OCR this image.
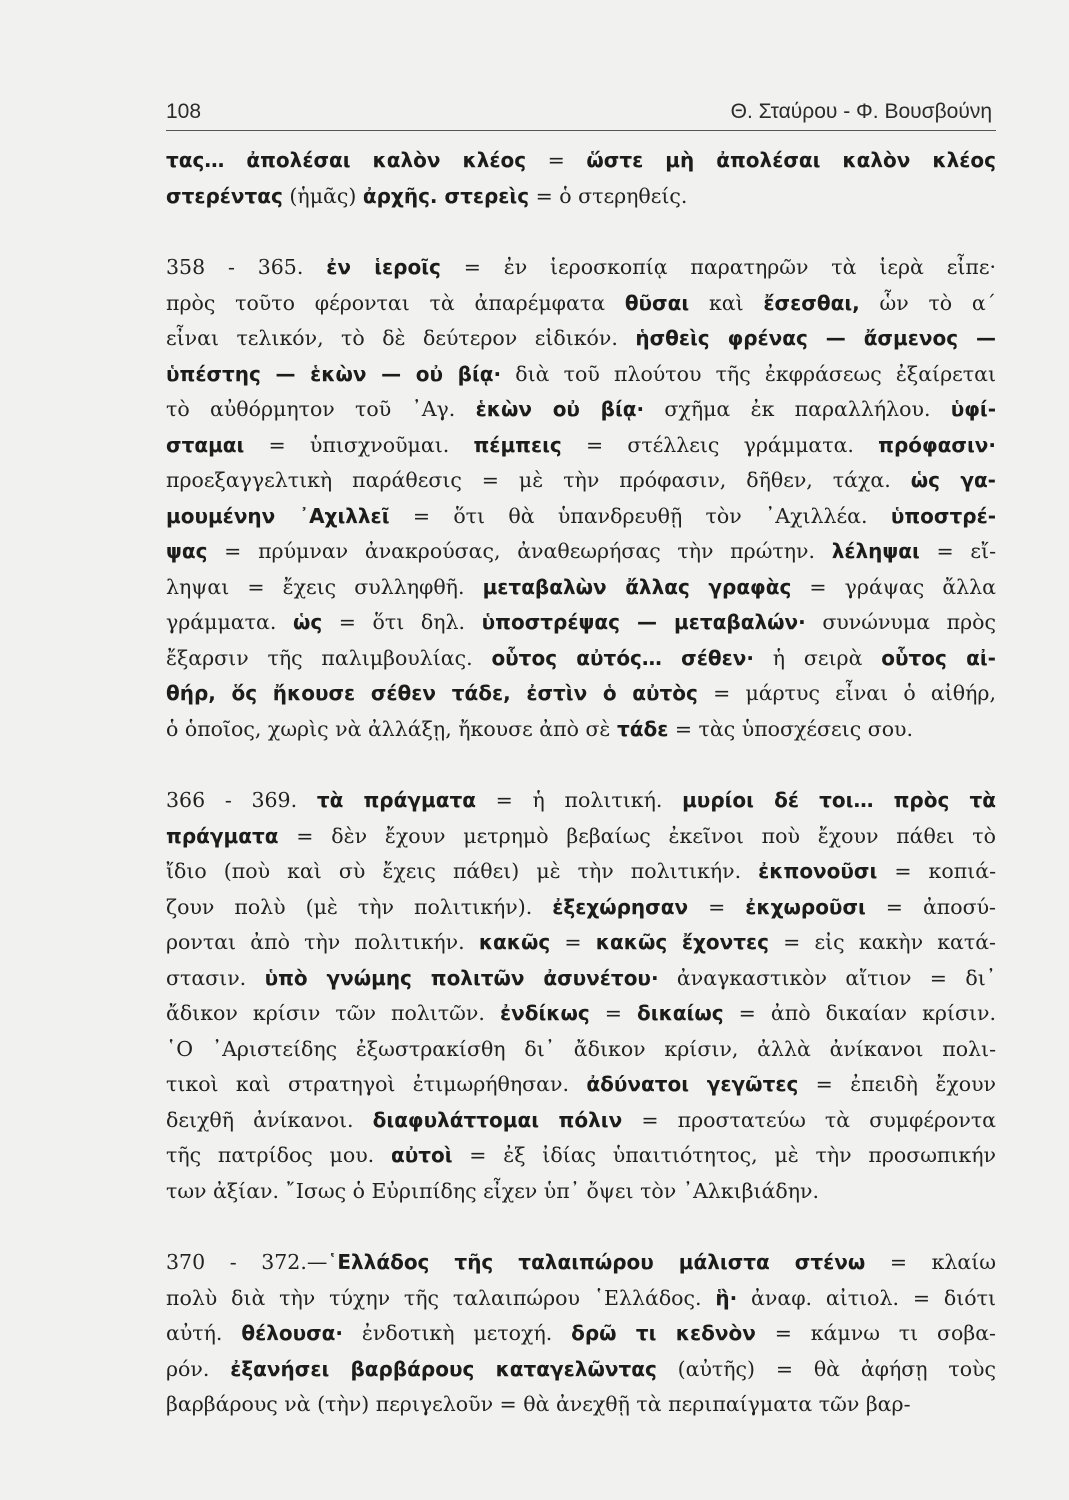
108	Θ. Σταύρου - Φ. Βουσβούνη
τας… ἀπολέσαι καλὸν κλέος = ὥστε μὴ ἀπολέσαι καλὸν κλέος
στερέντας (ἡμᾶς) ἀρχῆς. στερεὶς = ὁ στερηθείς.
358 - 365. ἐν ἱεροῖς = ἐν ἱεροσκοπίᾳ παρατηρῶν τὰ ἱερὰ εἶπε·
πρὸς τοῦτο φέρονται τὰ ἀπαρέμφατα θῦσαι καὶ ἔσεσθαι, ὧν τὸ α΄
εἶναι τελικόν, τὸ δὲ δεύτερον εἰδικόν. ἡσθεὶς φρένας — ἄσμενος —
ὑπέστης — ἑκὼν — οὐ βίᾳ· διὰ τοῦ πλούτου τῆς ἐκφράσεως ἐξαίρεται
τὸ αὐθόρμητον τοῦ ᾿Αγ. ἑκὼν οὐ βίᾳ· σχῆμα ἐκ παραλλήλου. ὑφί-
σταμαι = ὑπισχνοῦμαι. πέμπεις = στέλλεις γράμματα. πρόφασιν·
προεξαγγελτικὴ παράθεσις = μὲ τὴν πρόφασιν, δῆθεν, τάχα. ὡς γα-
μουμένην ᾿Αχιλλεῖ = ὅτι θὰ ὑπανδρευθῇ τὸν ᾿Αχιλλέα. ὑποστρέ-
ψας = πρύμναν ἀνακρούσας, ἀναθεωρήσας τὴν πρώτην. λέληψαι = εἴ-
ληψαι = ἔχεις συλληφθῆ. μεταβαλὼν ἄλλας γραφὰς = γράψας ἄλλα
γράμματα. ὡς = ὅτι δηλ. ὑποστρέψας — μεταβαλών· συνώνυμα πρὸς
ἔξαρσιν τῆς παλιμβουλίας. οὗτος αὐτός… σέθεν· ἡ σειρὰ οὗτος αἰ-
θήρ, ὅς ἤκουσε σέθεν τάδε, ἐστὶν ὁ αὐτὸς = μάρτυς εἶναι ὁ αἰθήρ,
ὁ ὁποῖος, χωρὶς νὰ ἀλλάξῃ, ἤκουσε ἀπὸ σὲ τάδε = τὰς ὑποσχέσεις σου.
366 - 369. τὰ πράγματα = ἡ πολιτική. μυρίοι δέ τοι… πρὸς τὰ
πράγματα = δὲν ἔχουν μετρημὸ βεβαίως ἐκεῖνοι ποὺ ἔχουν πάθει τὸ
ἴδιο (ποὺ καὶ σὺ ἔχεις πάθει) μὲ τὴν πολιτικήν. ἐκπονοῦσι = κοπιά-
ζουν πολὺ (μὲ τὴν πολιτικήν). ἐξεχώρησαν = ἐκχωροῦσι = ἀποσύ-
ρονται ἀπὸ τὴν πολιτικήν. κακῶς = κακῶς ἔχοντες = εἰς κακὴν κατά-
στασιν. ὑπὸ γνώμης πολιτῶν ἀσυνέτου· ἀναγκαστικὸν αἴτιον = δι᾿
ἄδικον κρίσιν τῶν πολιτῶν. ἐνδίκως = δικαίως = ἀπὸ δικαίαν κρίσιν.
῾Ο ᾿Αριστείδης ἐξωστρακίσθη δι᾿ ἄδικον κρίσιν, ἀλλὰ ἀνίκανοι πολι-
τικοὶ καὶ στρατηγοὶ ἐτιμωρήθησαν. ἀδύνατοι γεγῶτες = ἐπειδὴ ἔχουν
δειχθῆ ἀνίκανοι. διαφυλάττομαι πόλιν = προστατεύω τὰ συμφέροντα
τῆς πατρίδος μου. αὐτοὶ = ἐξ ἰδίας ὑπαιτιότητος, μὲ τὴν προσωπικήν
των ἀξίαν. ῎Ισως ὁ Εὐριπίδης εἶχεν ὑπ᾿ ὄψει τὸν ᾿Αλκιβιάδην.
370 - 372.—῾Ελλάδος τῆς ταλαιπώρου μάλιστα στένω = κλαίω
πολὺ διὰ τὴν τύχην τῆς ταλαιπώρου ῾Ελλάδος. ἣ· ἀναφ. αἰτιολ. = διότι
αὐτή. θέλουσα· ἐνδοτικὴ μετοχή. δρῶ τι κεδνὸν = κάμνω τι σοβα-
ρόν. ἐξανήσει βαρβάρους καταγελῶντας (αὐτῆς) = θὰ ἀφήσῃ τοὺς
βαρβάρους νὰ (τὴν) περιγελοῦν = θὰ ἀνεχθῇ τὰ περιπαίγματα τῶν βαρ-
